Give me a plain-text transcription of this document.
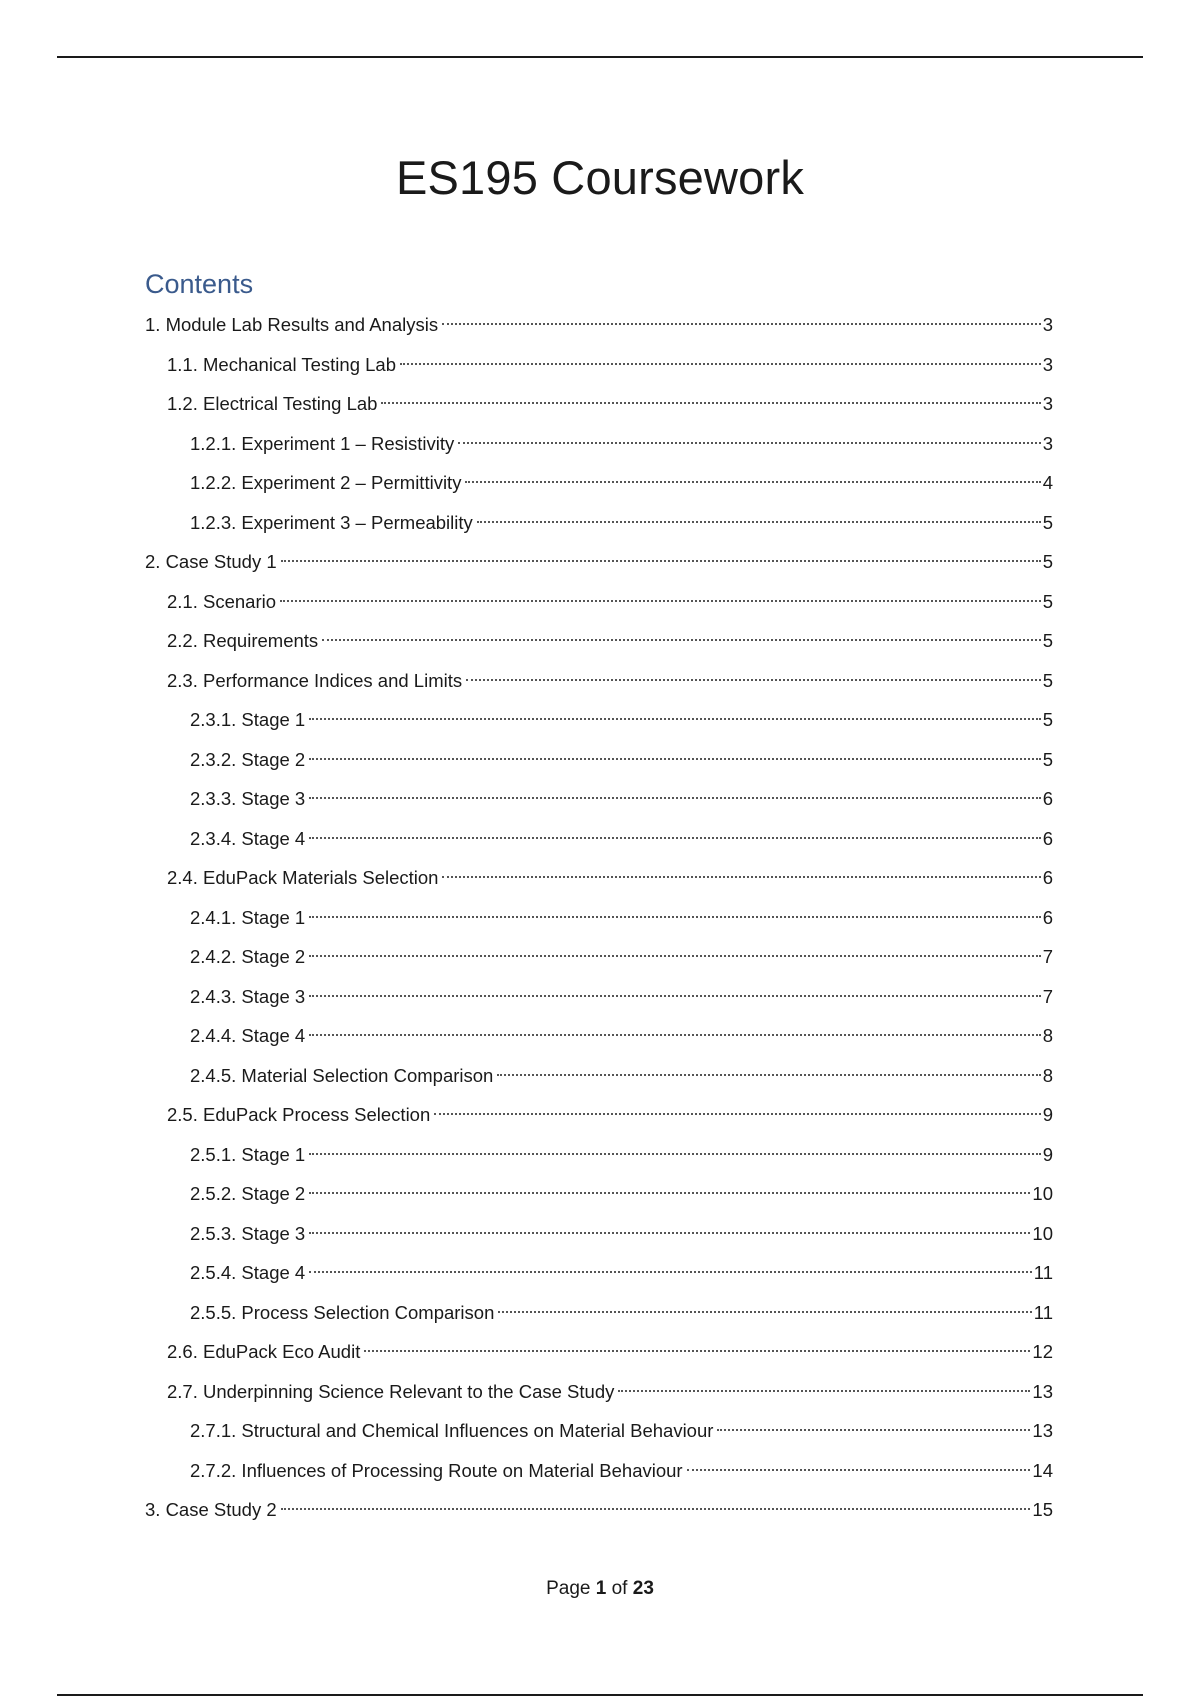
ES195 Coursework
Contents
1. Module Lab Results and Analysis	3
1.1. Mechanical Testing Lab	3
1.2. Electrical Testing Lab	3
1.2.1. Experiment 1 – Resistivity	3
1.2.2. Experiment 2 – Permittivity	4
1.2.3. Experiment 3 – Permeability	5
2. Case Study 1	5
2.1. Scenario	5
2.2. Requirements	5
2.3. Performance Indices and Limits	5
2.3.1. Stage 1	5
2.3.2. Stage 2	5
2.3.3. Stage 3	6
2.3.4. Stage 4	6
2.4. EduPack Materials Selection	6
2.4.1. Stage 1	6
2.4.2. Stage 2	7
2.4.3. Stage 3	7
2.4.4. Stage 4	8
2.4.5. Material Selection Comparison	8
2.5. EduPack Process Selection	9
2.5.1. Stage 1	9
2.5.2. Stage 2	10
2.5.3. Stage 3	10
2.5.4. Stage 4	11
2.5.5. Process Selection Comparison	11
2.6. EduPack Eco Audit	12
2.7. Underpinning Science Relevant to the Case Study	13
2.7.1. Structural and Chemical Influences on Material Behaviour	13
2.7.2. Influences of Processing Route on Material Behaviour	14
3. Case Study 2	15
Page 1 of 23
